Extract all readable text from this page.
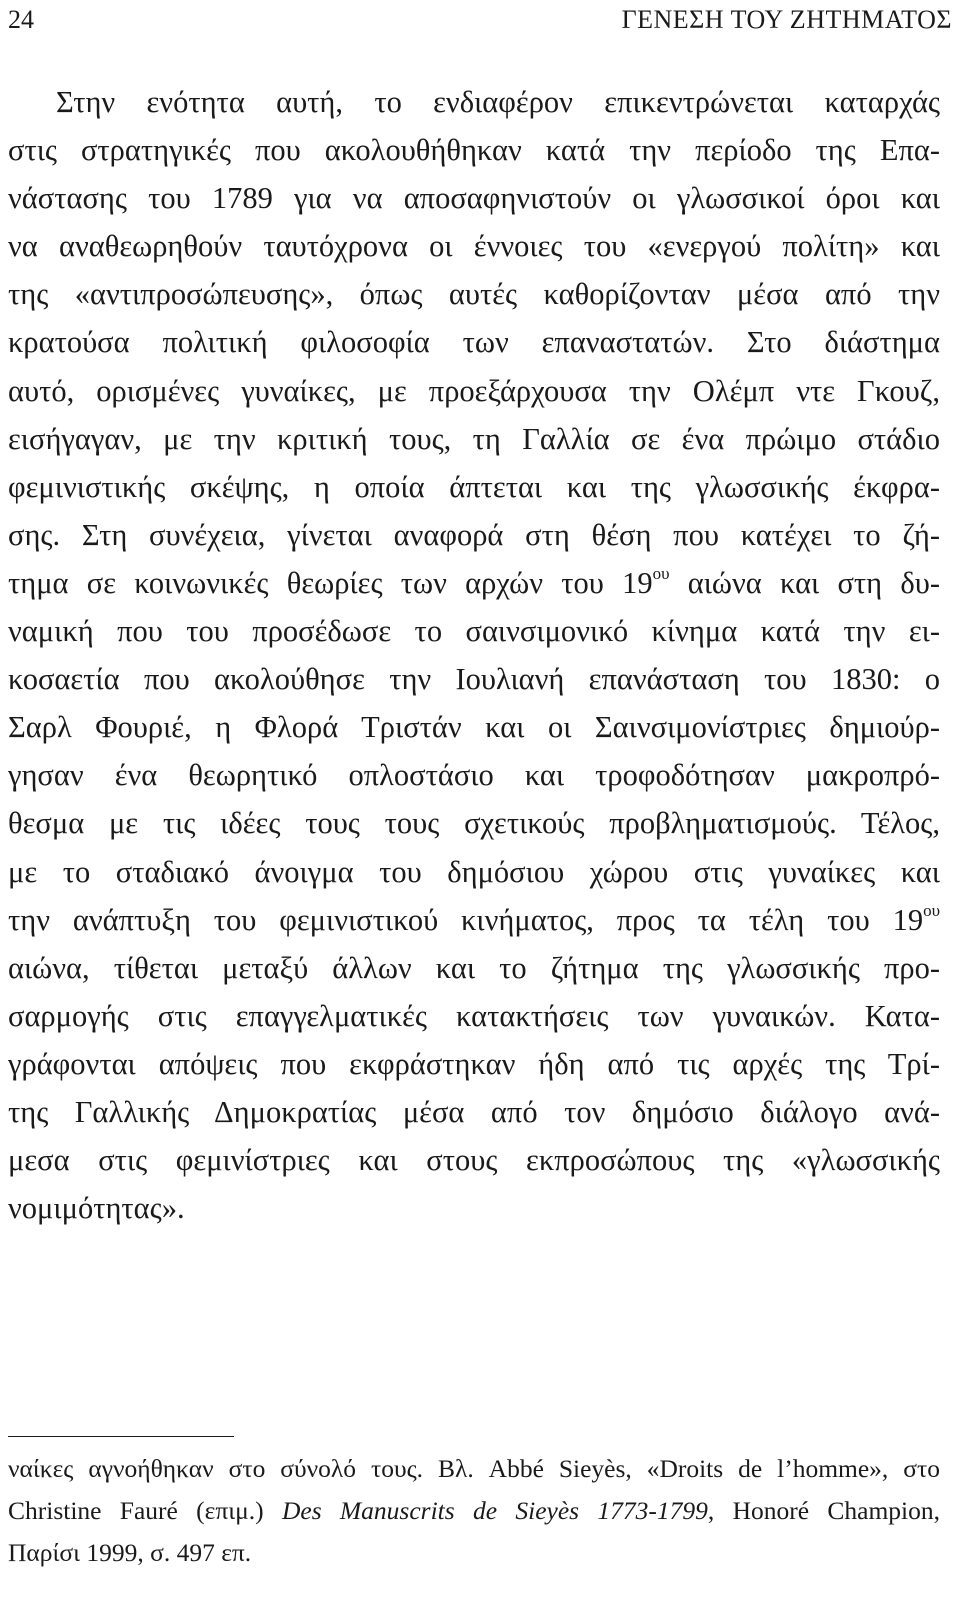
24	ΓΕΝΕΣΗ ΤΟΥ ΖΗΤΗΜΑΤΟΣ
Στην ενότητα αυτή, το ενδιαφέρον επικεντρώνεται καταρχάς
στις στρατηγικές που ακολουθήθηκαν κατά την περίοδο της Επα-
νάστασης του 1789 για να αποσαφηνιστούν οι γλωσσικοί όροι και
να αναθεωρηθούν ταυτόχρονα οι έννοιες του «ενεργού πολίτη» και
της «αντιπροσώπευσης», όπως αυτές καθορίζονταν μέσα από την
κρατούσα πολιτική φιλοσοφία των επαναστατών. Στο διάστημα
αυτό, ορισμένες γυναίκες, με προεξάρχουσα την Ολέμπ ντε Γκουζ,
εισήγαγαν, με την κριτική τους, τη Γαλλία σε ένα πρώιμο στάδιο
φεμινιστικής σκέψης, η οποία άπτεται και της γλωσσικής έκφρα-
σης. Στη συνέχεια, γίνεται αναφορά στη θέση που κατέχει το ζή-
τημα σε κοινωνικές θεωρίες των αρχών του $19^{o\upsilon}$ αιώνα και στη δυ-
ναμική που του προσέδωσε το σαινσιμονικό κίνημα κατά την ει-
κοσαετία που ακολούθησε την Ιουλιανή επανάσταση του 1830: ο
Σαρλ Φουριέ, η Φλορά Τριστάν και οι Σαινσιμονίστριες δημιούρ-
γησαν ένα θεωρητικό οπλοστάσιο και τροφοδότησαν μακροπρό-
θεσμα με τις ιδέες τους τους σχετικούς προβληματισμούς. Τέλος,
με το σταδιακό άνοιγμα του δημόσιου χώρου στις γυναίκες και
την ανάπτυξη του φεμινιστικού κινήματος, προς τα τέλη του $19^{o\upsilon}$
αιώνα, τίθεται μεταξύ άλλων και το ζήτημα της γλωσσικής προ-
σαρμογής στις επαγγελματικές κατακτήσεις των γυναικών. Κατα-
γράφονται απόψεις που εκφράστηκαν ήδη από τις αρχές της Τρί-
της Γαλλικής Δημοκρατίας μέσα από τον δημόσιο διάλογο ανά-
μεσα στις φεμινίστριες και στους εκπροσώπους της «γλωσσικής
νομιμότητας».
ναίκες αγνοήθηκαν στο σύνολό τους. Βλ. Abbé Sieyès, «Droits de l’homme», στο
Christine Fauré (επιμ.) Des Manuscrits de Sieyès 1773-1799, Honoré Champion,
Παρίσι 1999, σ. 497 επ.
